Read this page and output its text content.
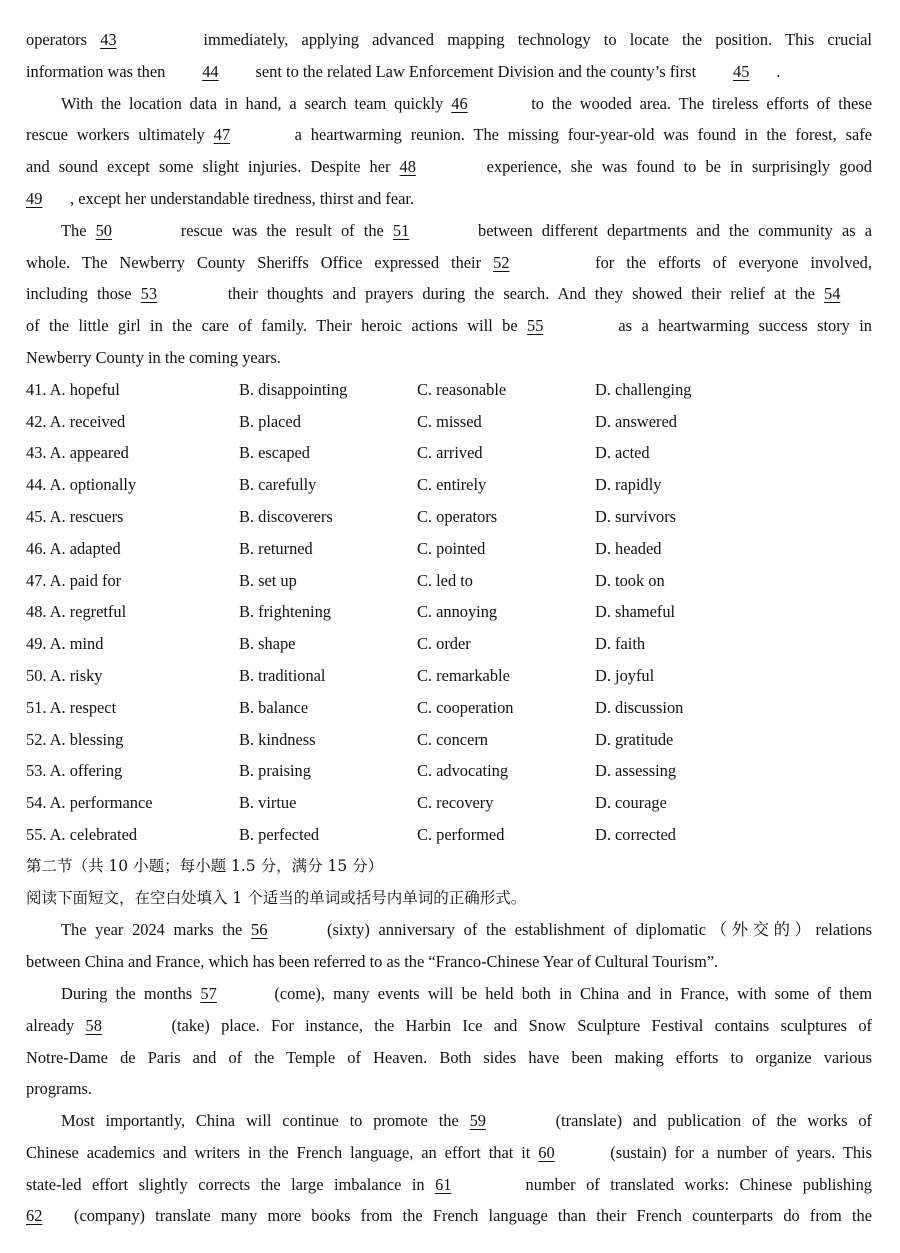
operators 43	immediately, applying advanced mapping technology to locate the position. This crucial
information was then 44 sent to the related Law Enforcement Division and the county’s first 45 .
With the location data in hand, a search team quickly 46	to the wooded area. The tireless efforts of these
rescue workers ultimately 47	a heartwarming reunion. The missing four-year-old was found in the forest, safe
and sound except some slight injuries. Despite her 48	experience, she was found to be in surprisingly good
49 , except her understandable tiredness, thirst and fear.
The 50	rescue was the result of the 51	between different departments and the community as a
whole. The Newberry County Sheriffs Office expressed their 52	for the efforts of everyone involved,
including those 53	their thoughts and prayers during the search. And they showed their relief at the 54
of the little girl in the care of family. Their heroic actions will be 55	as a heartwarming success story in
Newberry County in the coming years.
41. A. hopeful	B. disappointing	C. reasonable	D. challenging
42. A. received	B. placed	C. missed	D. answered
43. A. appeared	B. escaped	C. arrived	D. acted
44. A. optionally	B. carefully	C. entirely	D. rapidly
45. A. rescuers	B. discoverers	C. operators	D. survivors
46. A. adapted	B. returned	C. pointed	D. headed
47. A. paid for	B. set up	C. led to	D. took on
48. A. regretful	B. frightening	C. annoying	D. shameful
49. A. mind	B. shape	C. order	D. faith
50. A. risky	B. traditional	C. remarkable	D. joyful
51. A. respect	B. balance	C. cooperation	D. discussion
52. A. blessing	B. kindness	C. concern	D. gratitude
53. A. offering	B. praising	C. advocating	D. assessing
54. A. performance	B. virtue	C. recovery	D. courage
55. A. celebrated	B. perfected	C. performed	D. corrected
第二节（共 10 小题；每小题 1.5 分，满分 15 分）
阅读下面短文，在空白处填入 1 个适当的单词或括号内单词的正确形式。
The year 2024 marks the 56	(sixty) anniversary of the establishment of diplomatic（外交的）relations
between China and France, which has been referred to as the “Franco-Chinese Year of Cultural Tourism”.
During the months 57	(come), many events will be held both in China and in France, with some of them
already 58	(take) place. For instance, the Harbin Ice and Snow Sculpture Festival contains sculptures of
Notre-Dame de Paris and of the Temple of Heaven. Both sides have been making efforts to organize various
programs.
Most importantly, China will continue to promote the 59	(translate) and publication of the works of
Chinese academics and writers in the French language, an effort that it 60	(sustain) for a number of years. This
state-led effort slightly corrects the large imbalance in 61	number of translated works: Chinese publishing
62 (company) translate many more books from the French language than their French counterparts do from the
